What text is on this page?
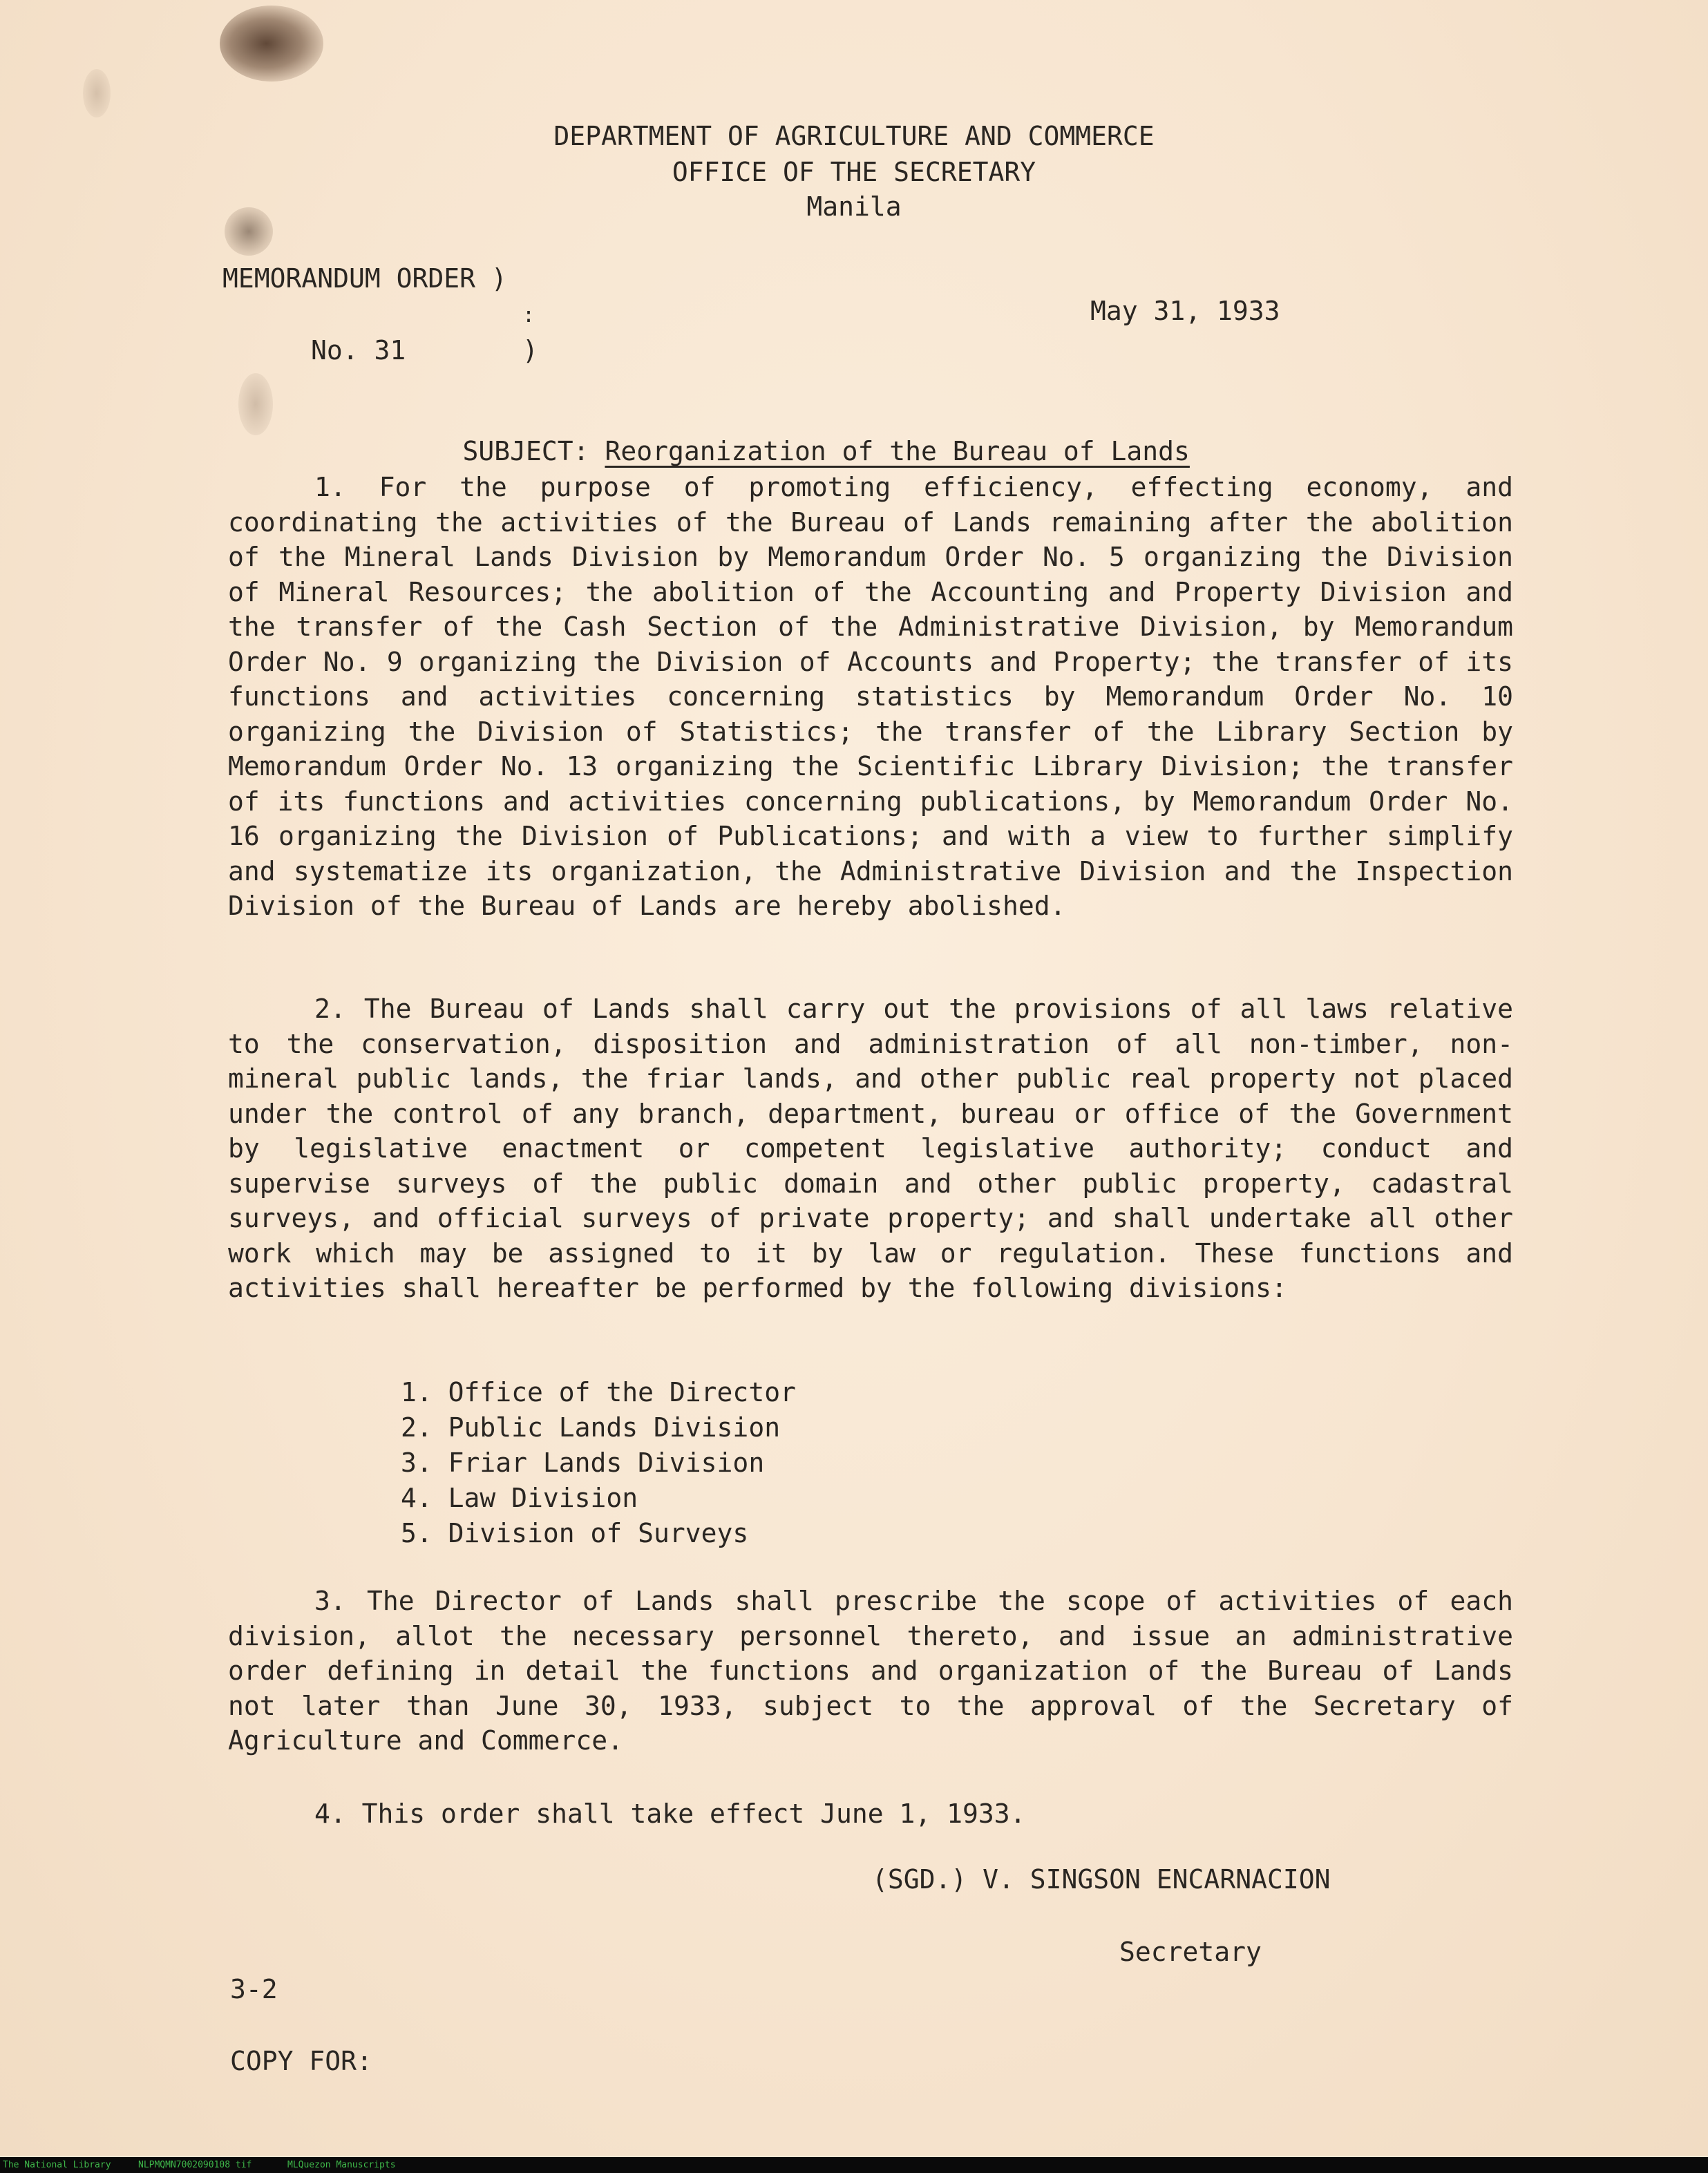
DEPARTMENT OF AGRICULTURE AND COMMERCE
OFFICE OF THE SECRETARY
Manila
MEMORANDUM ORDER )
:
No. 31	)
May 31, 1933

SUBJECT: Reorganization of the Bureau of Lands

1. For the purpose of promoting efficiency, effecting economy, and coordinating the activities of the Bureau of Lands remaining after the abolition of the Mineral Lands Division by Memorandum Order No. 5 organizing the Division of Mineral Resources; the abolition of the Accounting and Property Division and the transfer of the Cash Section of the Administrative Division, by Memorandum Order No. 9 organizing the Division of Accounts and Property; the transfer of its functions and activities concerning statistics by Memorandum Order No. 10 organizing the Division of Statistics; the transfer of the Library Section by Memorandum Order No. 13 organizing the Scientific Library Division; the transfer of its functions and activities concerning publications, by Memorandum Order No. 16 organizing the Division of Publications; and with a view to further simplify and systematize its organization, the Administrative Division and the Inspection Division of the Bureau of Lands are hereby abolished.

2. The Bureau of Lands shall carry out the provisions of all laws relative to the conservation, disposition and administration of all non-timber, non-mineral public lands, the friar lands, and other public real property not placed under the control of any branch, department, bureau or office of the Government by legislative enactment or competent legislative authority; conduct and supervise surveys of the public domain and other public property, cadastral surveys, and official surveys of private property; and shall undertake all other work which may be assigned to it by law or regulation. These functions and activities shall hereafter be performed by the following divisions:

1. Office of the Director
2. Public Lands Division
3. Friar Lands Division
4. Law Division
5. Division of Surveys

3. The Director of Lands shall prescribe the scope of activities of each division, allot the necessary personnel thereto, and issue an administrative order defining in detail the functions and organization of the Bureau of Lands not later than June 30, 1933, subject to the approval of the Secretary of Agriculture and Commerce.

4. This order shall take effect June 1, 1933.
(SGD.) V. SINGSON ENCARNACION
Secretary
3-2
COPY FOR:
The National Library	NLPMQMN7002090108 tif	MLQuezon Manuscripts
